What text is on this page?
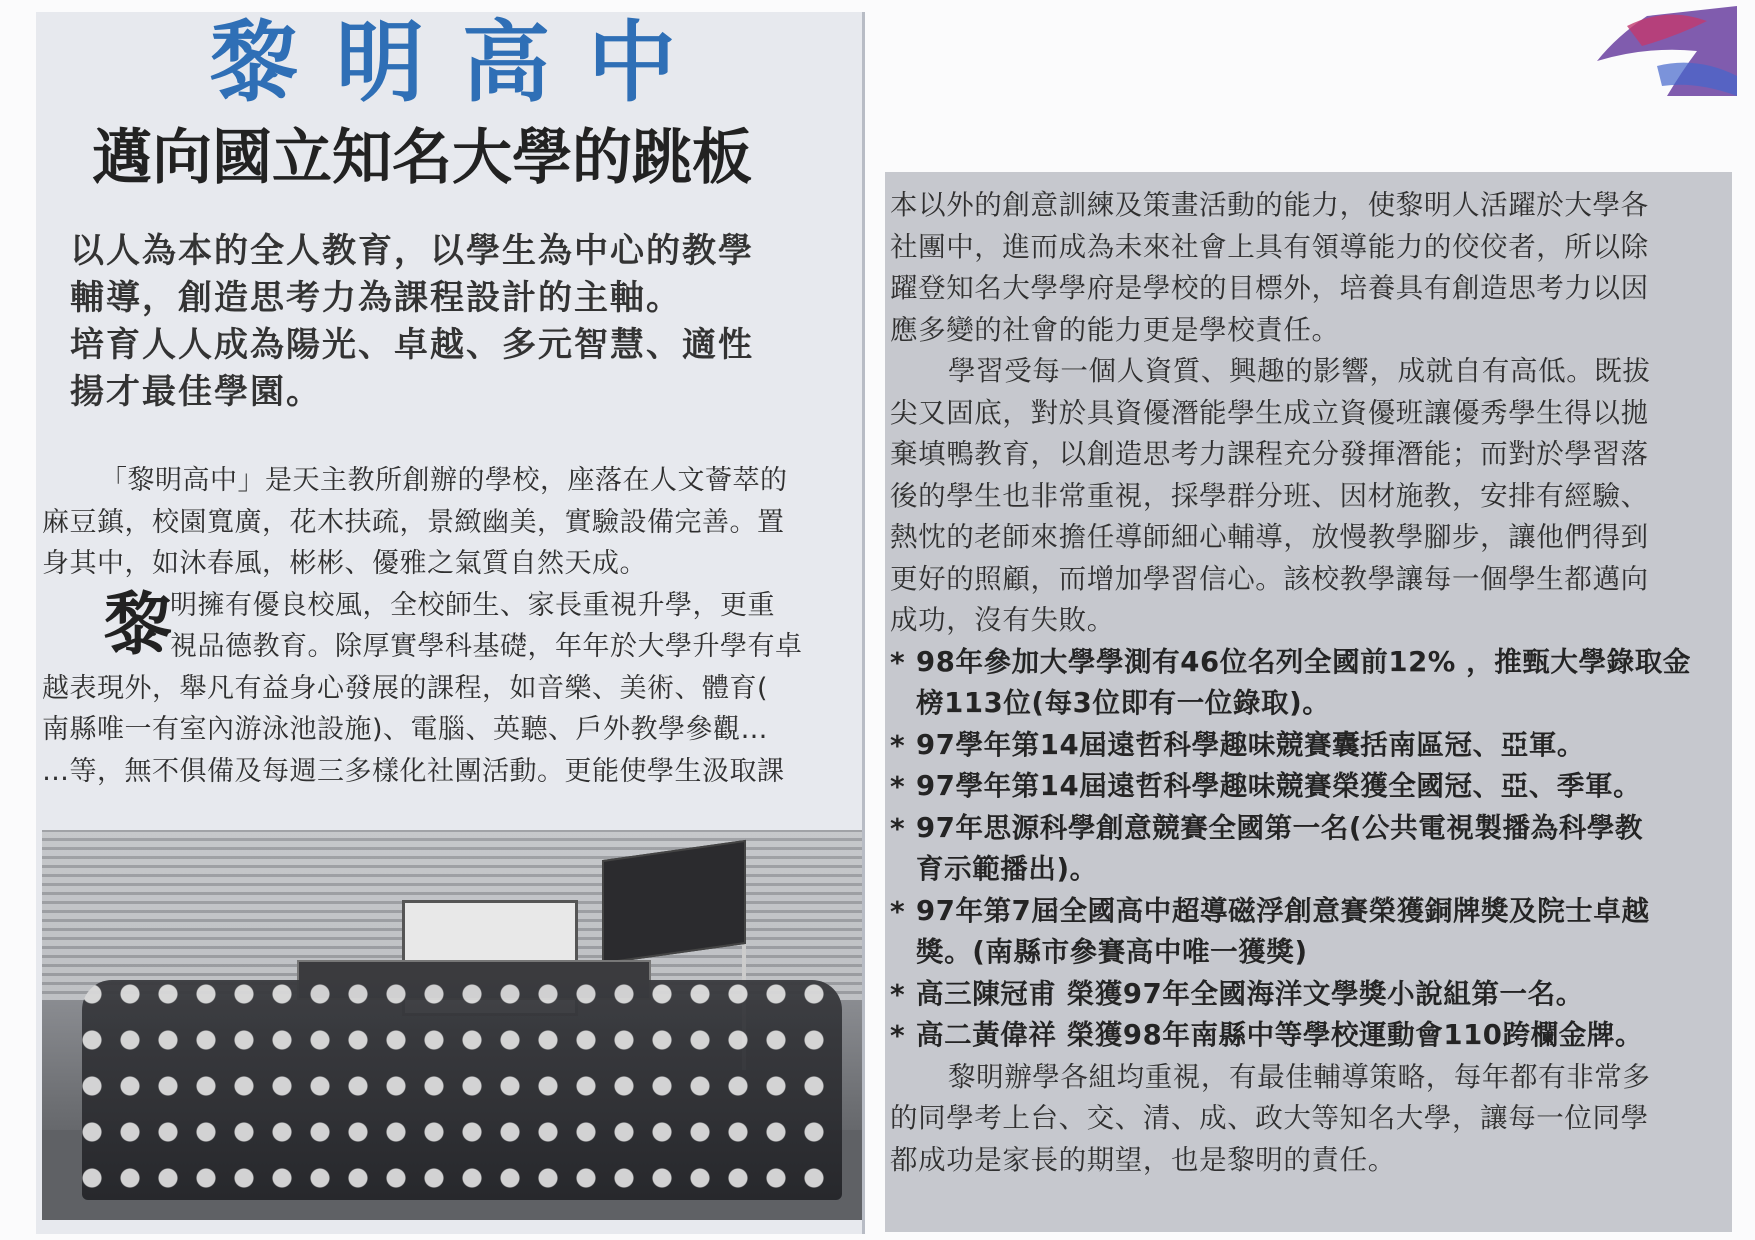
黎明高中
邁向國立知名大學的跳板
以人為本的全人教育，以學生為中心的教學
輔導，創造思考力為課程設計的主軸。
培育人人成為陽光、卓越、多元智慧、適性
揚才最佳學園。
「黎明高中」是天主教所創辦的學校，座落在人文薈萃的
麻豆鎮，校園寬廣，花木扶疏，景緻幽美，實驗設備完善。置
身其中，如沐春風，彬彬、優雅之氣質自然天成。
黎
明擁有優良校風，全校師生、家長重視升學，更重
視品德教育。除厚實學科基礎，年年於大學升學有卓
越表現外，舉凡有益身心發展的課程，如音樂、美術、體育(
南縣唯一有室內游泳池設施)、電腦、英聽、戶外教學參觀…
…等，無不俱備及每週三多樣化社團活動。更能使學生汲取課
本以外的創意訓練及策畫活動的能力，使黎明人活躍於大學各
社團中，進而成為未來社會上具有領導能力的佼佼者，所以除
躍登知名大學學府是學校的目標外，培養具有創造思考力以因
應多變的社會的能力更是學校責任。
學習受每一個人資質、興趣的影響，成就自有高低。既拔
尖又固底，對於具資優潛能學生成立資優班讓優秀學生得以拋
棄填鴨教育，以創造思考力課程充分發揮潛能；而對於學習落
後的學生也非常重視，採學群分班、因材施教，安排有經驗、
熱忱的老師來擔任導師細心輔導，放慢教學腳步，讓他們得到
更好的照顧，而增加學習信心。該校教學讓每一個學生都邁向
成功，沒有失敗。
* 98年參加大學學測有46位名列全國前12% ，推甄大學錄取金
榜113位(每3位即有一位錄取)。
* 97學年第14屆遠哲科學趣味競賽囊括南區冠、亞軍。
* 97學年第14屆遠哲科學趣味競賽榮獲全國冠、亞、季軍。
* 97年思源科學創意競賽全國第一名(公共電視製播為科學教
育示範播出)。
* 97年第7屆全國高中超導磁浮創意賽榮獲銅牌獎及院士卓越
獎。(南縣市參賽高中唯一獲獎)
* 高三陳冠甫 榮獲97年全國海洋文學獎小說組第一名。
* 高二黃偉祥 榮獲98年南縣中等學校運動會110跨欄金牌。
黎明辦學各組均重視，有最佳輔導策略，每年都有非常多
的同學考上台、交、清、成、政大等知名大學，讓每一位同學
都成功是家長的期望，也是黎明的責任。
